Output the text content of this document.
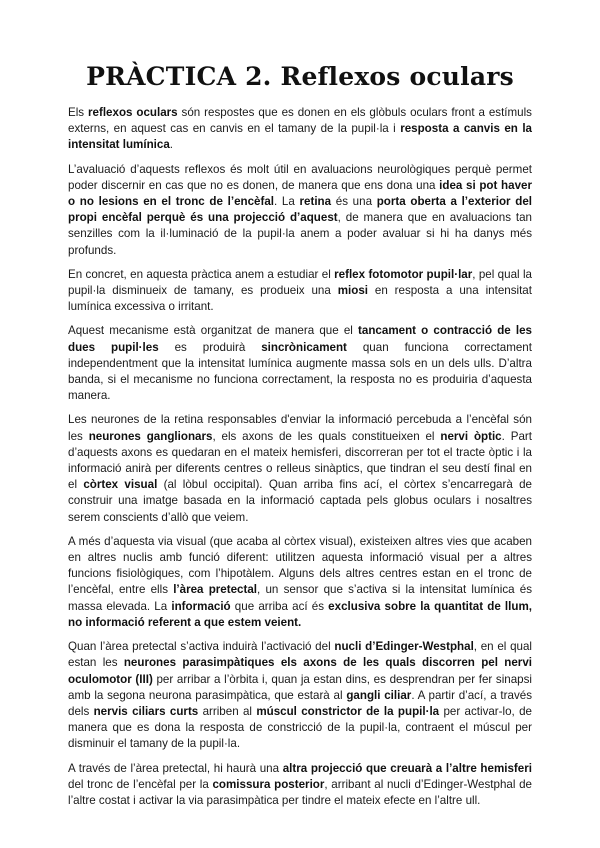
PRÀCTICA 2. Reflexos oculars

Els reflexos oculars són respostes que es donen en els glòbuls oculars front a estímuls externs, en aquest cas en canvis en el tamany de la pupil·la i resposta a canvis en la intensitat lumínica.

L’avaluació d’aquests reflexos és molt útil en avaluacions neurològiques perquè permet poder discernir en cas que no es donen, de manera que ens dona una idea si pot haver o no lesions en el tronc de l’encèfal. La retina és una porta oberta a l’exterior del propi encèfal perquè és una projecció d’aquest, de manera que en avaluacions tan senzilles com la il·luminació de la pupil·la anem a poder avaluar si hi ha danys més profunds.

En concret, en aquesta pràctica anem a estudiar el reflex fotomotor pupil·lar, pel qual la pupil·la disminueix de tamany, es produeix una miosi en resposta a una intensitat lumínica excessiva o irritant.

Aquest mecanisme està organitzat de manera que el tancament o contracció de les dues pupil·les es produirà sincrònicament quan funciona correctament independentment que la intensitat lumínica augmente massa sols en un dels ulls. D’altra banda, si el mecanisme no funciona correctament, la resposta no es produiria d’aquesta manera.

Les neurones de la retina responsables d'enviar la informació percebuda a l’encèfal són les neurones ganglionars, els axons de les quals constitueixen el nervi òptic. Part d’aquests axons es quedaran en el mateix hemisferi, discorreran per tot el tracte òptic i la informació anirà per diferents centres o relleus sinàptics, que tindran el seu destí final en el còrtex visual (al lòbul occipital). Quan arriba fins ací, el còrtex s’encarregarà de construir una imatge basada en la informació captada pels globus oculars i nosaltres serem conscients d’allò que veiem.

A més d’aquesta via visual (que acaba al còrtex visual), existeixen altres vies que acaben en altres nuclis amb funció diferent: utilitzen aquesta informació visual per a altres funcions fisiològiques, com l’hipotàlem. Alguns dels altres centres estan en el tronc de l’encèfal, entre ells l’àrea pretectal, un sensor que s’activa si la intensitat lumínica és massa elevada. La informació que arriba ací és exclusiva sobre la quantitat de llum, no informació referent a que estem veient.

Quan l’àrea pretectal s’activa induirà l’activació del nucli d’Edinger-Westphal, en el qual estan les neurones parasimpàtiques els axons de les quals discorren pel nervi oculomotor (III) per arribar a l’òrbita i, quan ja estan dins, es desprendran per fer sinapsi amb la segona neurona parasimpàtica, que estarà al gangli ciliar. A partir d’ací, a través dels nervis ciliars curts arriben al múscul constrictor de la pupil·la per activar-lo, de manera que es dona la resposta de constricció de la pupil·la, contraent el múscul per disminuir el tamany de la pupil·la.

A través de l’àrea pretectal, hi haurà una altra projecció que creuarà a l’altre hemisferi del tronc de l’encèfal per la comissura posterior, arribant al nucli d’Edinger-Westphal de l’altre costat i activar la via parasimpàtica per tindre el mateix efecte en l’altre ull.
